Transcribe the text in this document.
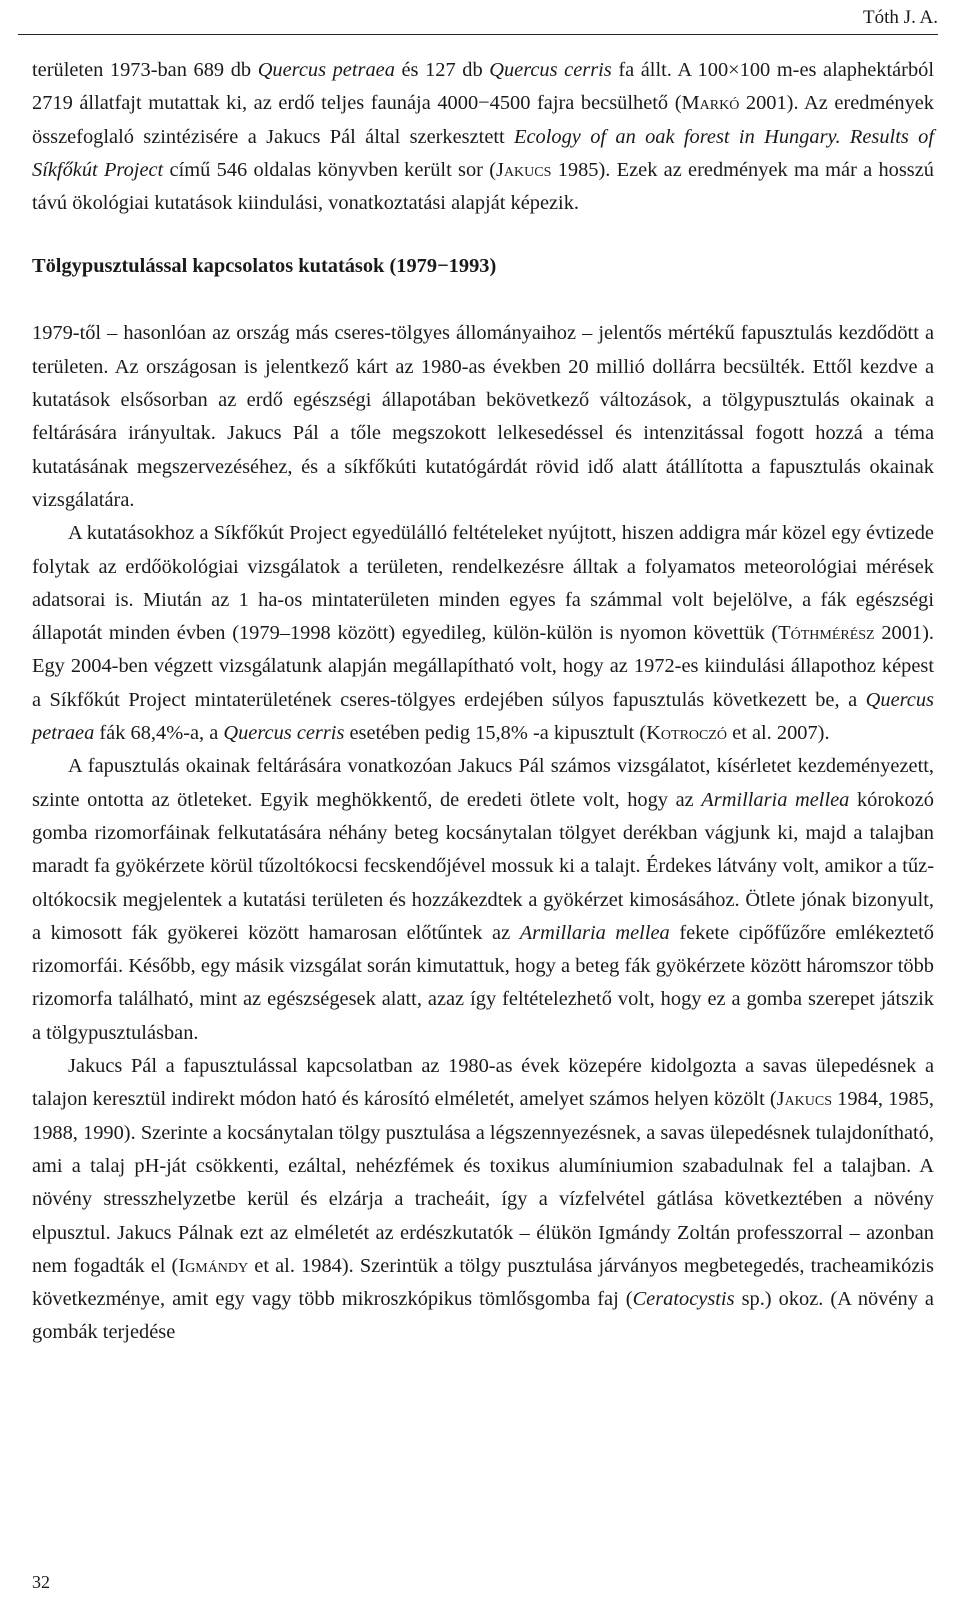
Tóth J. A.

területen 1973-ban 689 db Quercus petraea és 127 db Quercus cerris fa állt. A 100×100 m-es alaphektárból 2719 állatfajt mutattak ki, az erdő teljes faunája 4000−4500 fajra becsülhető (Markó 2001). Az eredmények összefoglaló szintézisére a Jakucs Pál által szerkesztett Ecology of an oak forest in Hungary. Results of Síkfőkút Project című 546 oldalas könyvben került sor (Jakucs 1985). Ezek az eredmények ma már a hosszú távú ökológiai kutatások kiindulási, vonatkoztatási alapját képezik.

Tölgypusztulással kapcsolatos kutatások (1979−1993)

1979-től – hasonlóan az ország más cseres-tölgyes állományaihoz – jelentős mértékű fapusztulás kezdődött a területen. Az országosan is jelentkező kárt az 1980-as években 20 millió dollárra becsülték. Ettől kezdve a kutatások elsősorban az erdő egészségi állapotában bekövetkező változások, a tölgypusztulás okainak a feltárására irányultak. Jakucs Pál a tőle megszokott lelkesedéssel és intenzitással fogott hozzá a téma kutatásának megszervezéséhez, és a síkfőkúti kutatógárdát rövid idő alatt átállította a fapusztulás okainak vizsgálatára.

A kutatásokhoz a Síkfőkút Project egyedülálló feltételeket nyújtott, hiszen addigra már közel egy évtizede folytak az erdőökológiai vizsgálatok a területen, rendelkezésre álltak a folyamatos meteorológiai mérések adatsorai is. Miután az 1 ha-os mintaterületen minden egyes fa számmal volt bejelölve, a fák egészségi állapotát minden évben (1979–1998 között) egyedileg, külön-külön is nyomon követtük (Tóthmérész 2001). Egy 2004-ben végzett vizsgálatunk alapján megállapítható volt, hogy az 1972-es kiindulási állapothoz képest a Síkfőkút Project mintaterületének cseres-tölgyes erdejében súlyos fapusztulás következett be, a Quercus petraea fák 68,4%-a, a Quercus cerris esetében pedig 15,8% -a kipusztult (Kotroczó et al. 2007).

A fapusztulás okainak feltárására vonatkozóan Jakucs Pál számos vizsgálatot, kísérletet kezdeményezett, szinte ontotta az ötleteket. Egyik meghökkentő, de eredeti ötlete volt, hogy az Armillaria mellea kórokozó gomba rizomorfáinak felkutatására néhány beteg kocsánytalan tölgyet derékban vágjunk ki, majd a talajban maradt fa gyökérzete körül tűzoltókocsi fecskendőjével mossuk ki a talajt. Érdekes látvány volt, amikor a tűzoltókocsik megjelentek a kutatási területen és hozzákezdtek a gyökérzet kimosásához. Ötlete jónak bizonyult, a kimosott fák gyökerei között hamarosan előtűntek az Armillaria mellea fekete cipőfűzőre emlékeztető rizomorfái. Később, egy másik vizsgálat során kimutattuk, hogy a beteg fák gyökérzete között háromszor több rizomorfa található, mint az egészségesek alatt, azaz így feltételezhető volt, hogy ez a gomba szerepet játszik a tölgypusztulásban.

Jakucs Pál a fapusztulással kapcsolatban az 1980-as évek közepére kidolgozta a savas ülepedésnek a talajon keresztül indirekt módon ható és károsító elméletét, amelyet számos helyen közölt (Jakucs 1984, 1985, 1988, 1990). Szerinte a kocsánytalan tölgy pusztulása a légszennyezésnek, a savas ülepedésnek tulajdonítható, ami a talaj pH-ját csökkenti, ezáltal, nehézfémek és toxikus alumíniumion szabadulnak fel a talajban. A növény stresszhelyzetbe kerül és elzárja a tracheáit, így a vízfelvétel gátlása következtében a növény elpusztul. Jakucs Pálnak ezt az elméletét az erdészkutatók – élükön Igmándy Zoltán professzorral – azonban nem fogadták el (Igmándy et al. 1984). Szerintük a tölgy pusztulása járványos megbetegedés, tracheamikózis következménye, amit egy vagy több mikroszkópikus tömlősgomba faj (Ceratocystis sp.) okoz. (A növény a gombák terjedése

32
